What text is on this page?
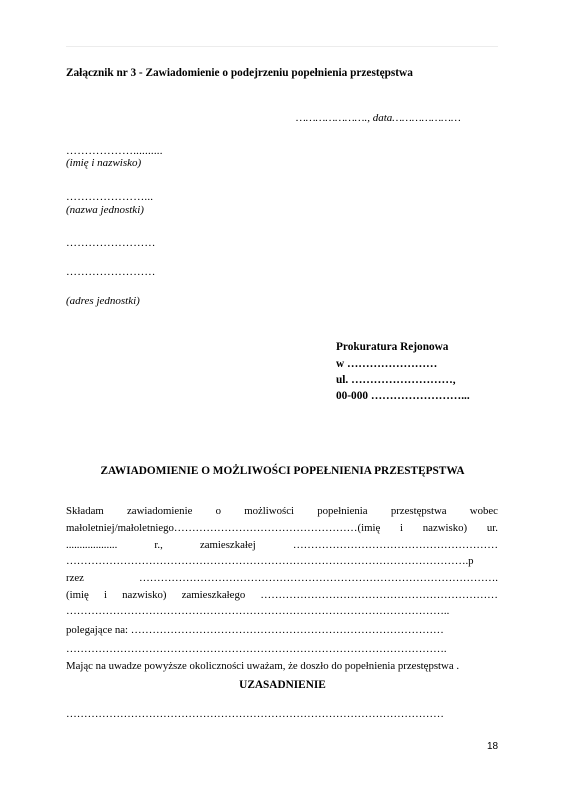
Załącznik nr 3 - Zawiadomienie o podejrzeniu popełnienia przestępstwa
…………………., data…………………
………………..........
(imię i nazwisko)
…………………...
(nazwa jednostki)
……………………
……………………
(adres jednostki)
Prokuratura Rejonowa
w ……………………
ul. ………………………,
00-000 ……………………...
ZAWIADOMIENIE O MOŻLIWOŚCI POPEŁNIENIA PRZESTĘPSTWA
Składam zawiadomienie o możliwości popełnienia przestępstwa wobec
małoletniej/małoletniego……………………………………………(imię i nazwisko) ur.
...................	r.,	zamieszkałej	…………………………………………………
………………………………………………………………………………………………….p
rzez	……………………………………………………………………………………….
(imię i nazwisko) zamieszkałego …………………………………………………………
……………………………………………………………………………………………..
polegające na: ……………………………………………………………………………
…………………………………………………………………………………………….
Mając na uwadze powyższe okoliczności uważam, że doszło do popełnienia przestępstwa .
UZASADNIENIE
……………………………………………………………………………………………
18
